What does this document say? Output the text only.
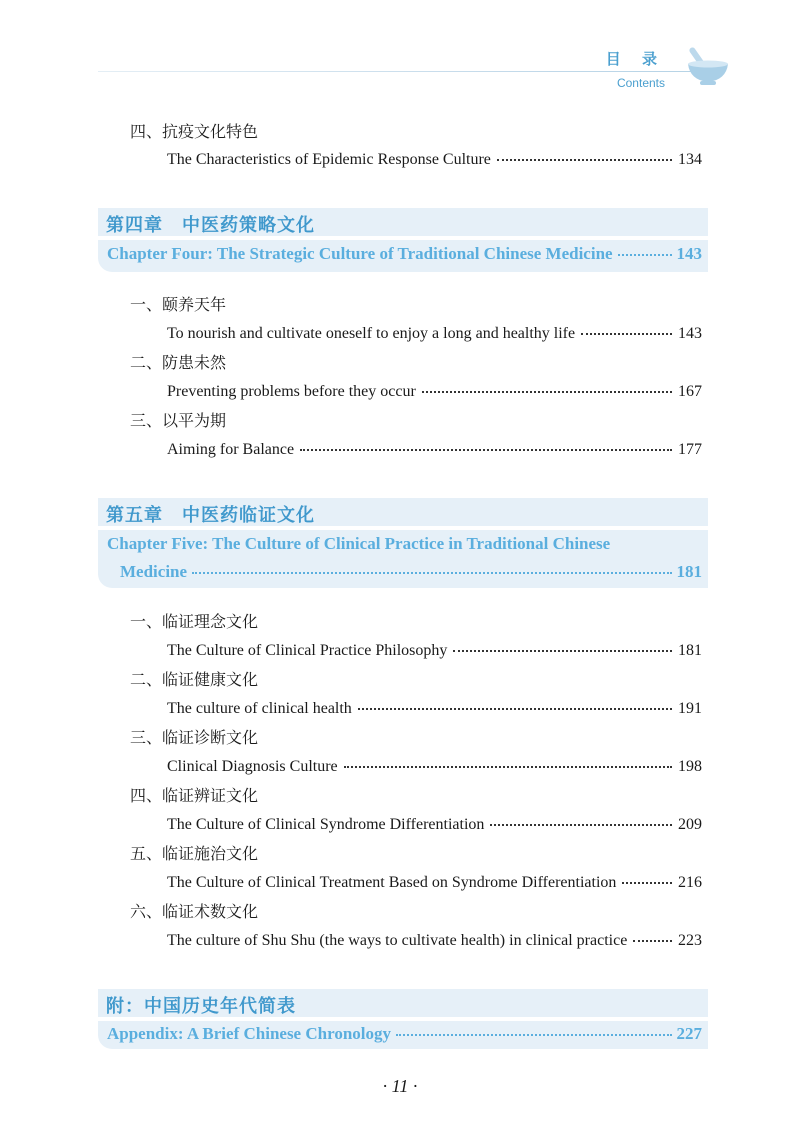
目 录
Contents
四、抗疫文化特色
The Characteristics of Epidemic Response Culture	134
第四章　中医药策略文化
Chapter Four: The Strategic Culture of Traditional Chinese Medicine	143
一、颐养天年
To nourish and cultivate oneself to enjoy a long and healthy life	143
二、防患未然
Preventing problems before they occur	167
三、以平为期
Aiming for Balance	177
第五章　中医药临证文化
Chapter Five: The Culture of Clinical Practice in Traditional Chinese
Medicine	181
一、临证理念文化
The Culture of Clinical Practice Philosophy	181
二、临证健康文化
The culture of clinical health	191
三、临证诊断文化
Clinical Diagnosis Culture	198
四、临证辨证文化
The Culture of Clinical Syndrome Differentiation	209
五、临证施治文化
The Culture of Clinical Treatment Based on Syndrome Differentiation	216
六、临证术数文化
The culture of Shu Shu (the ways to cultivate health) in clinical practice	223
附：中国历史年代简表
Appendix: A Brief Chinese Chronology	227
· 11 ·
